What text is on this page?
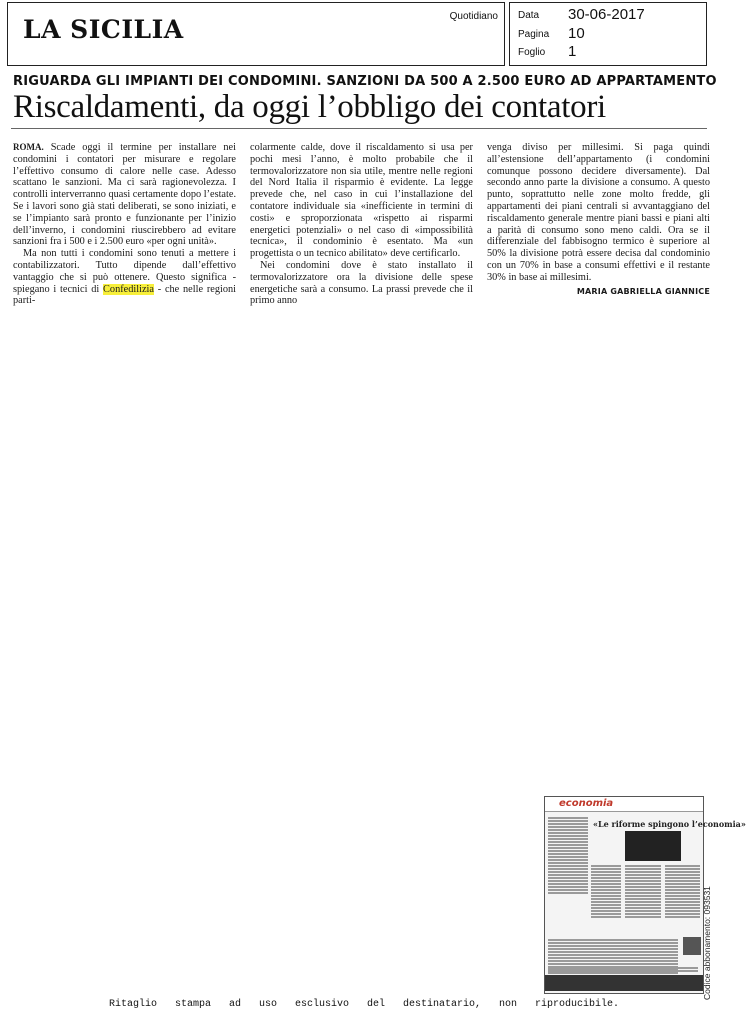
LA SICILIA	Quotidiano Data 30-06-2017
Pagina 10
Foglio 1
RIGUARDA GLI IMPIANTI DEI CONDOMINI. SANZIONI DA 500 A 2.500 EURO AD APPARTAMENTO
Riscaldamenti, da oggi l’obbligo dei contatori

ROMA. Scade oggi il termine per installare nei condomini i contatori per misurare e regolare l’effettivo consumo di calore nelle case. Adesso scattano le sanzioni. Ma ci sarà ragionevolezza. I controlli interverranno quasi certamente dopo l’estate. Se i lavori sono già stati deliberati, se sono iniziati, e se l’impianto sarà pronto e funzionante per l’inizio dell’inverno, i condomini riuscirebbero ad evitare sanzioni fra i 500 e i 2.500 euro «per ogni unità».

Ma non tutti i condomini sono tenuti a mettere i contabilizzatori. Tutto dipende dall’effettivo vantaggio che si può ottenere. Questo significa - spiegano i tecnici di Confedilizia - che nelle regioni parti-

colarmente calde, dove il riscaldamento si usa per pochi mesi l’anno, è molto probabile che il termovalorizzatore non sia utile, mentre nelle regioni del Nord Italia il risparmio è evidente. La legge prevede che, nel caso in cui l’installazione del contatore individuale sia «inefficiente in termini di costi» e sproporzionata «rispetto ai risparmi energetici potenziali» o nel caso di «impossibilità tecnica», il condominio è esentato. Ma «un progettista o un tecnico abilitato» deve certificarlo.

Nei condomini dove è stato installato il termovalorizzatore ora la divisione delle spese energetiche sarà a consumo. La prassi prevede che il primo anno

venga diviso per millesimi. Si paga quindi all’estensione dell’appartamento (i condomini comunque possono decidere diversamente). Dal secondo anno parte la divisione a consumo. A questo punto, soprattutto nelle zone molto fredde, gli appartamenti dei piani centrali si avvantaggiano del riscaldamento generale mentre piani bassi e piani alti a parità di consumo sono meno caldi. Ora se il differenziale del fabbisogno termico è superiore al 50% la divisione potrà essere decisa dal condominio con un 70% in base a consumi effettivi e il restante 30% in base ai millesimi.

MARIA GABRIELLA GIANNICE
economia
«Le riforme spingono l’economia»
Codice abbonamento: 093531
Ritaglio stampa ad uso esclusivo del destinatario, non riproducibile.
